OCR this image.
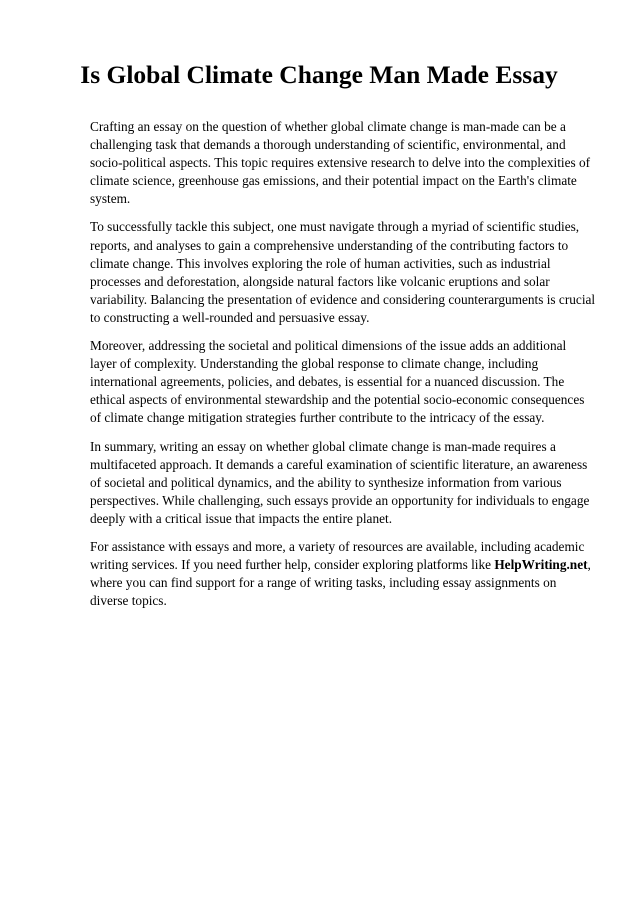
Is Global Climate Change Man Made Essay

Crafting an essay on the question of whether global climate change is man-made can be a challenging task that demands a thorough understanding of scientific, environmental, and socio-political aspects. This topic requires extensive research to delve into the complexities of climate science, greenhouse gas emissions, and their potential impact on the Earth's climate system.

To successfully tackle this subject, one must navigate through a myriad of scientific studies, reports, and analyses to gain a comprehensive understanding of the contributing factors to climate change. This involves exploring the role of human activities, such as industrial processes and deforestation, alongside natural factors like volcanic eruptions and solar variability. Balancing the presentation of evidence and considering counterarguments is crucial to constructing a well-rounded and persuasive essay.

Moreover, addressing the societal and political dimensions of the issue adds an additional layer of complexity. Understanding the global response to climate change, including international agreements, policies, and debates, is essential for a nuanced discussion. The ethical aspects of environmental stewardship and the potential socio-economic consequences of climate change mitigation strategies further contribute to the intricacy of the essay.

In summary, writing an essay on whether global climate change is man-made requires a multifaceted approach. It demands a careful examination of scientific literature, an awareness of societal and political dynamics, and the ability to synthesize information from various perspectives. While challenging, such essays provide an opportunity for individuals to engage deeply with a critical issue that impacts the entire planet.

For assistance with essays and more, a variety of resources are available, including academic writing services. If you need further help, consider exploring platforms like HelpWriting.net, where you can find support for a range of writing tasks, including essay assignments on diverse topics.
